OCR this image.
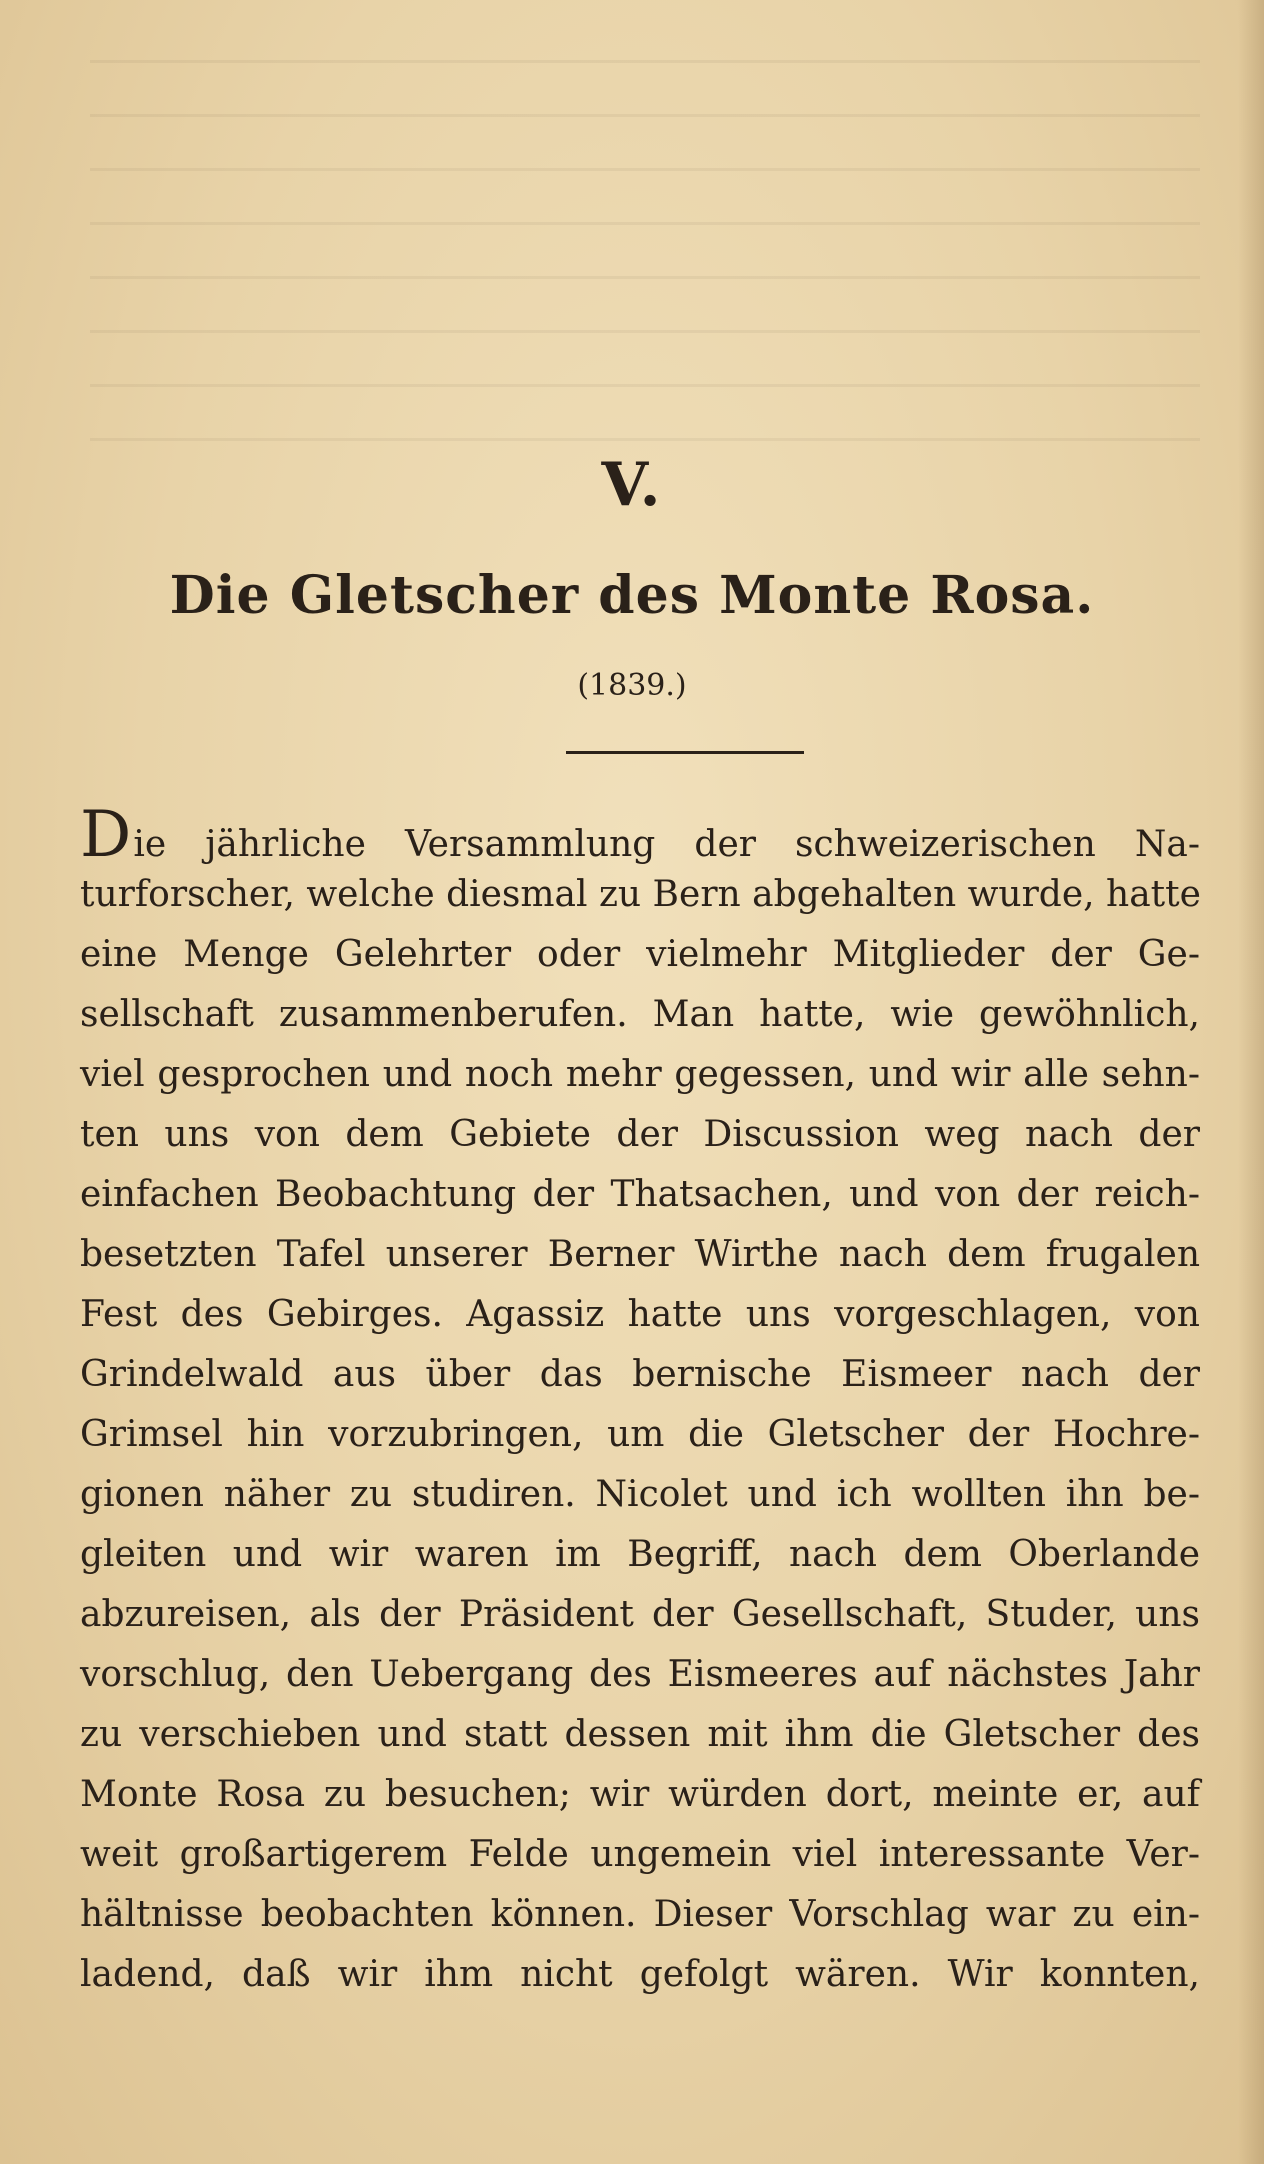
V.
Die Gletscher des Monte Rosa.
(1839.)
D ie jährliche Versammlung der schweizerischen Na-
turforscher, welche diesmal zu Bern abgehalten wurde, hatte
eine Menge Gelehrter oder vielmehr Mitglieder der Ge-
sellschaft zusammenberufen. Man hatte, wie gewöhnlich,
viel gesprochen und noch mehr gegessen, und wir alle sehn-
ten uns von dem Gebiete der Discussion weg nach der
einfachen Beobachtung der Thatsachen, und von der reich-
besetzten Tafel unserer Berner Wirthe nach dem frugalen
Fest des Gebirges. Agassiz hatte uns vorgeschlagen, von
Grindelwald aus über das bernische Eismeer nach der
Grimsel hin vorzubringen, um die Gletscher der Hochre-
gionen näher zu studiren. Nicolet und ich wollten ihn be-
gleiten und wir waren im Begriff, nach dem Oberlande
abzureisen, als der Präsident der Gesellschaft, Studer, uns
vorschlug, den Uebergang des Eismeeres auf nächstes Jahr
zu verschieben und statt dessen mit ihm die Gletscher des
Monte Rosa zu besuchen; wir würden dort, meinte er, auf
weit großartigerem Felde ungemein viel interessante Ver-
hältnisse beobachten können. Dieser Vorschlag war zu ein-
ladend, daß wir ihm nicht gefolgt wären. Wir konnten,
